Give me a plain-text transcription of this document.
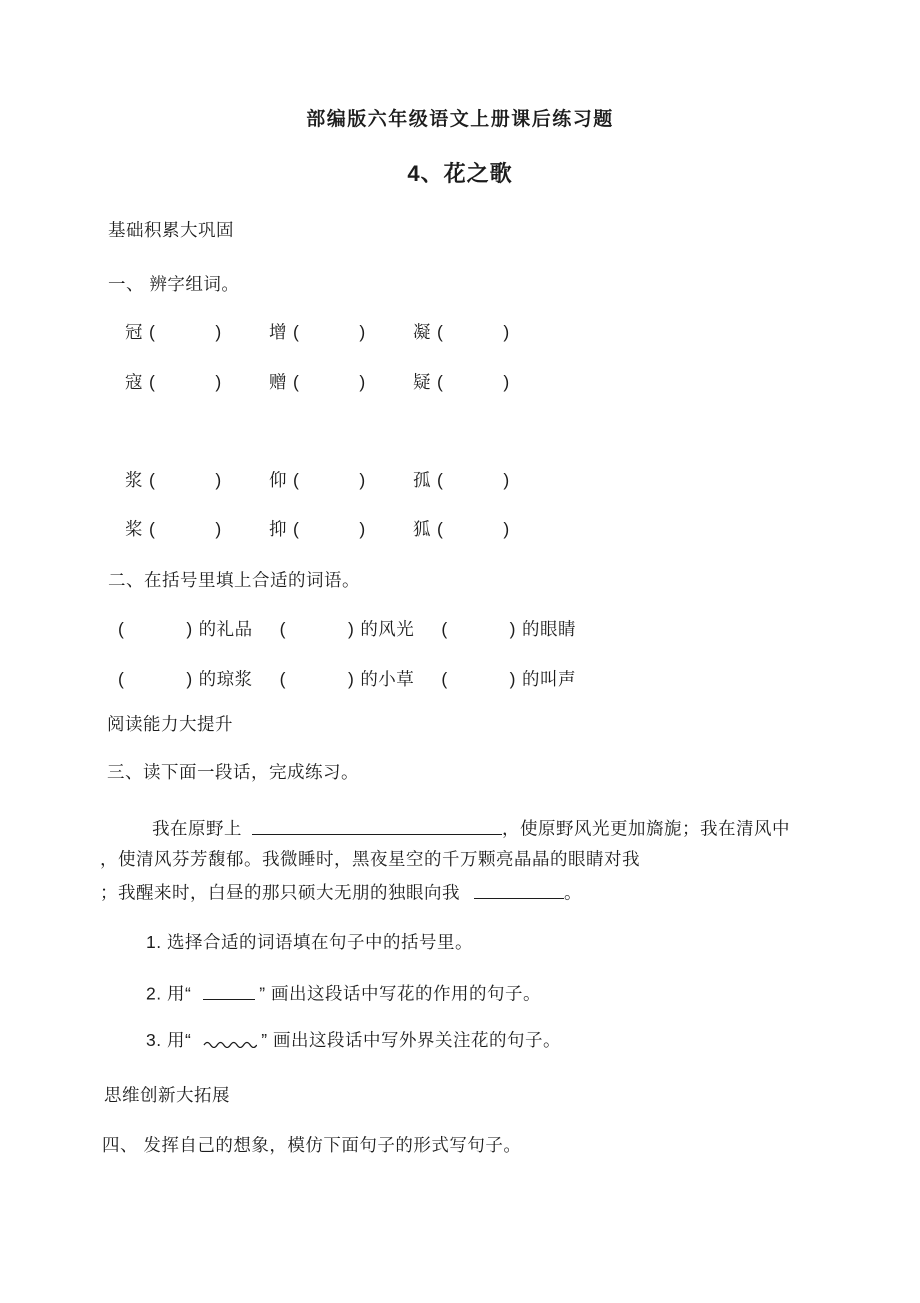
部编版六年级语文上册课后练习题
4、花之歌
基础积累大巩固
一、 辨字组词。
冠 (	)	增 (	)	凝 (	)
寇 (	)	赠 (	)	疑 (	)
浆 (	)	仰 (	)	孤 (	)
桨 (	)	抑 (	)	狐 (	)
二、在括号里填上合适的词语。
(	) 的礼品 (	) 的风光 (	) 的眼睛
(	) 的琼浆 (	) 的小草 (	) 的叫声
阅读能力大提升
三、读下面一段话，完成练习。
我在原野上	，使原野风光更加旖旎；我在清风中
，使清风芬芳馥郁。我微睡时，黑夜星空的千万颗亮晶晶的眼睛对我
；我醒来时，白昼的那只硕大无朋的独眼向我	。
1. 选择合适的词语填在句子中的括号里。
2. 用“	” 画出这段话中写花的作用的句子。
3. 用“	” 画出这段话中写外界关注花的句子。
思维创新大拓展
四、 发挥自己的想象，模仿下面句子的形式写句子。
